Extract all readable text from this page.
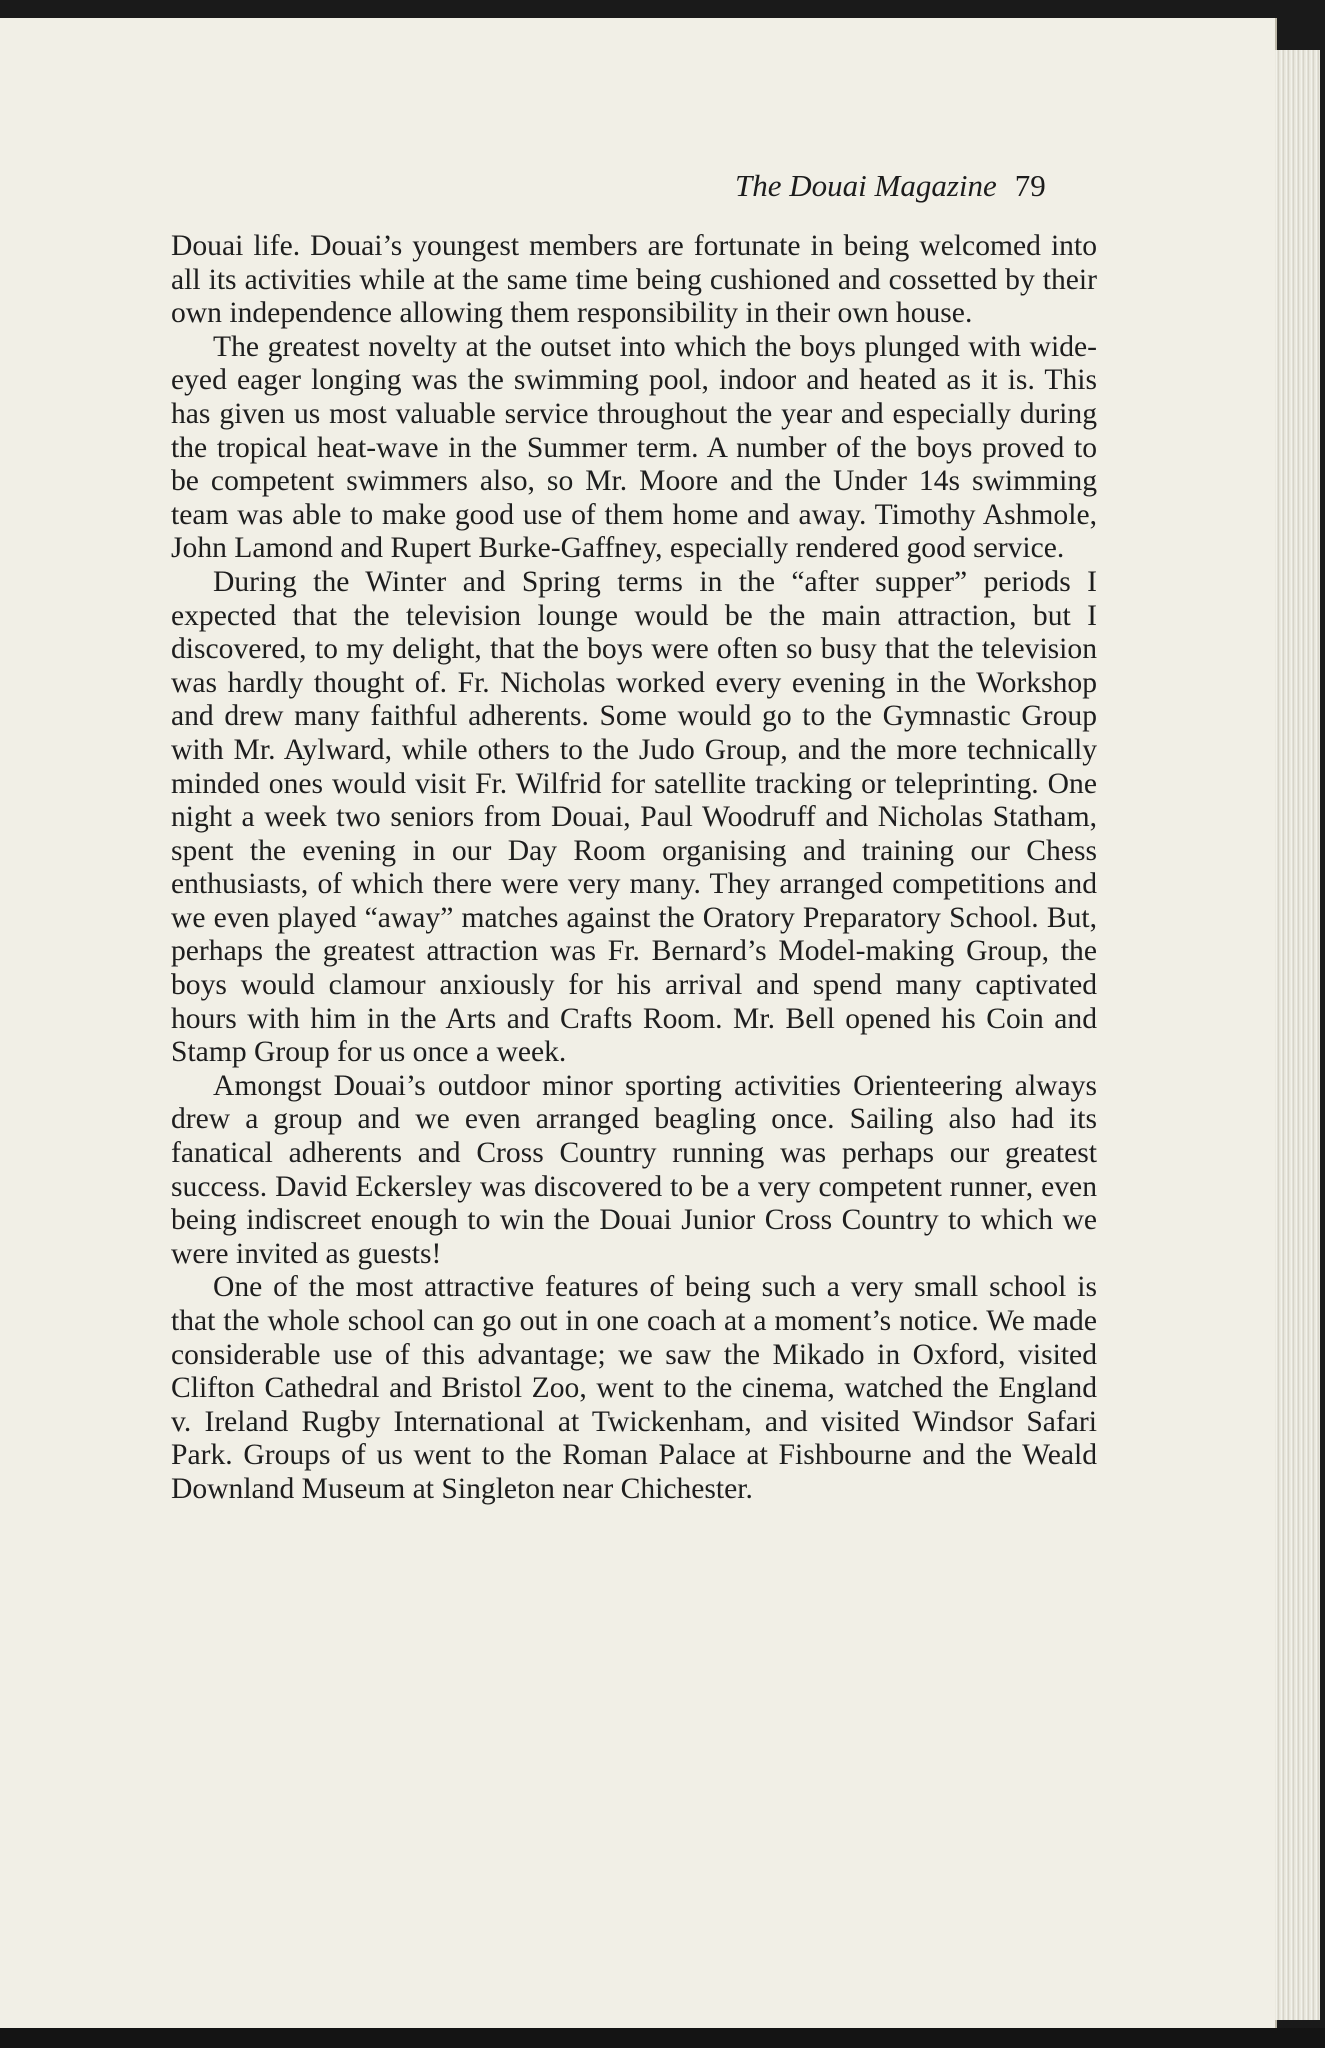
The Douai Magazine 79

Douai life. Douai’s youngest members are fortunate in being welcomed into all its activities while at the same time being cushioned and cossetted by their own independence allowing them responsibility in their own house.

The greatest novelty at the outset into which the boys plunged with wide-eyed eager longing was the swimming pool, indoor and heated as it is. This has given us most valuable service throughout the year and especially during the tropical heat-wave in the Summer term. A number of the boys proved to be competent swimmers also, so Mr. Moore and the Under 14s swimming team was able to make good use of them home and away. Timothy Ashmole, John Lamond and Rupert Burke-Gaffney, especially rendered good service.

During the Winter and Spring terms in the “after supper” periods I expected that the television lounge would be the main attraction, but I discovered, to my delight, that the boys were often so busy that the television was hardly thought of. Fr. Nicholas worked every evening in the Workshop and drew many faithful adherents. Some would go to the Gymnastic Group with Mr. Aylward, while others to the Judo Group, and the more technically minded ones would visit Fr. Wilfrid for satellite tracking or teleprinting. One night a week two seniors from Douai, Paul Woodruff and Nicholas Statham, spent the evening in our Day Room organising and training our Chess enthusiasts, of which there were very many. They arranged competitions and we even played “away” matches against the Oratory Preparatory School. But, perhaps the greatest attraction was Fr. Bernard’s Model-making Group, the boys would clamour anxiously for his arrival and spend many captivated hours with him in the Arts and Crafts Room. Mr. Bell opened his Coin and Stamp Group for us once a week.

Amongst Douai’s outdoor minor sporting activities Orienteering always drew a group and we even arranged beagling once. Sailing also had its fanatical adherents and Cross Country running was perhaps our greatest success. David Eckersley was discovered to be a very competent runner, even being indiscreet enough to win the Douai Junior Cross Country to which we were invited as guests!

One of the most attractive features of being such a very small school is that the whole school can go out in one coach at a moment’s notice. We made considerable use of this advantage; we saw the Mikado in Oxford, visited Clifton Cathedral and Bristol Zoo, went to the cinema, watched the England v. Ireland Rugby International at Twickenham, and visited Windsor Safari Park. Groups of us went to the Roman Palace at Fishbourne and the Weald Downland Museum at Singleton near Chichester.
